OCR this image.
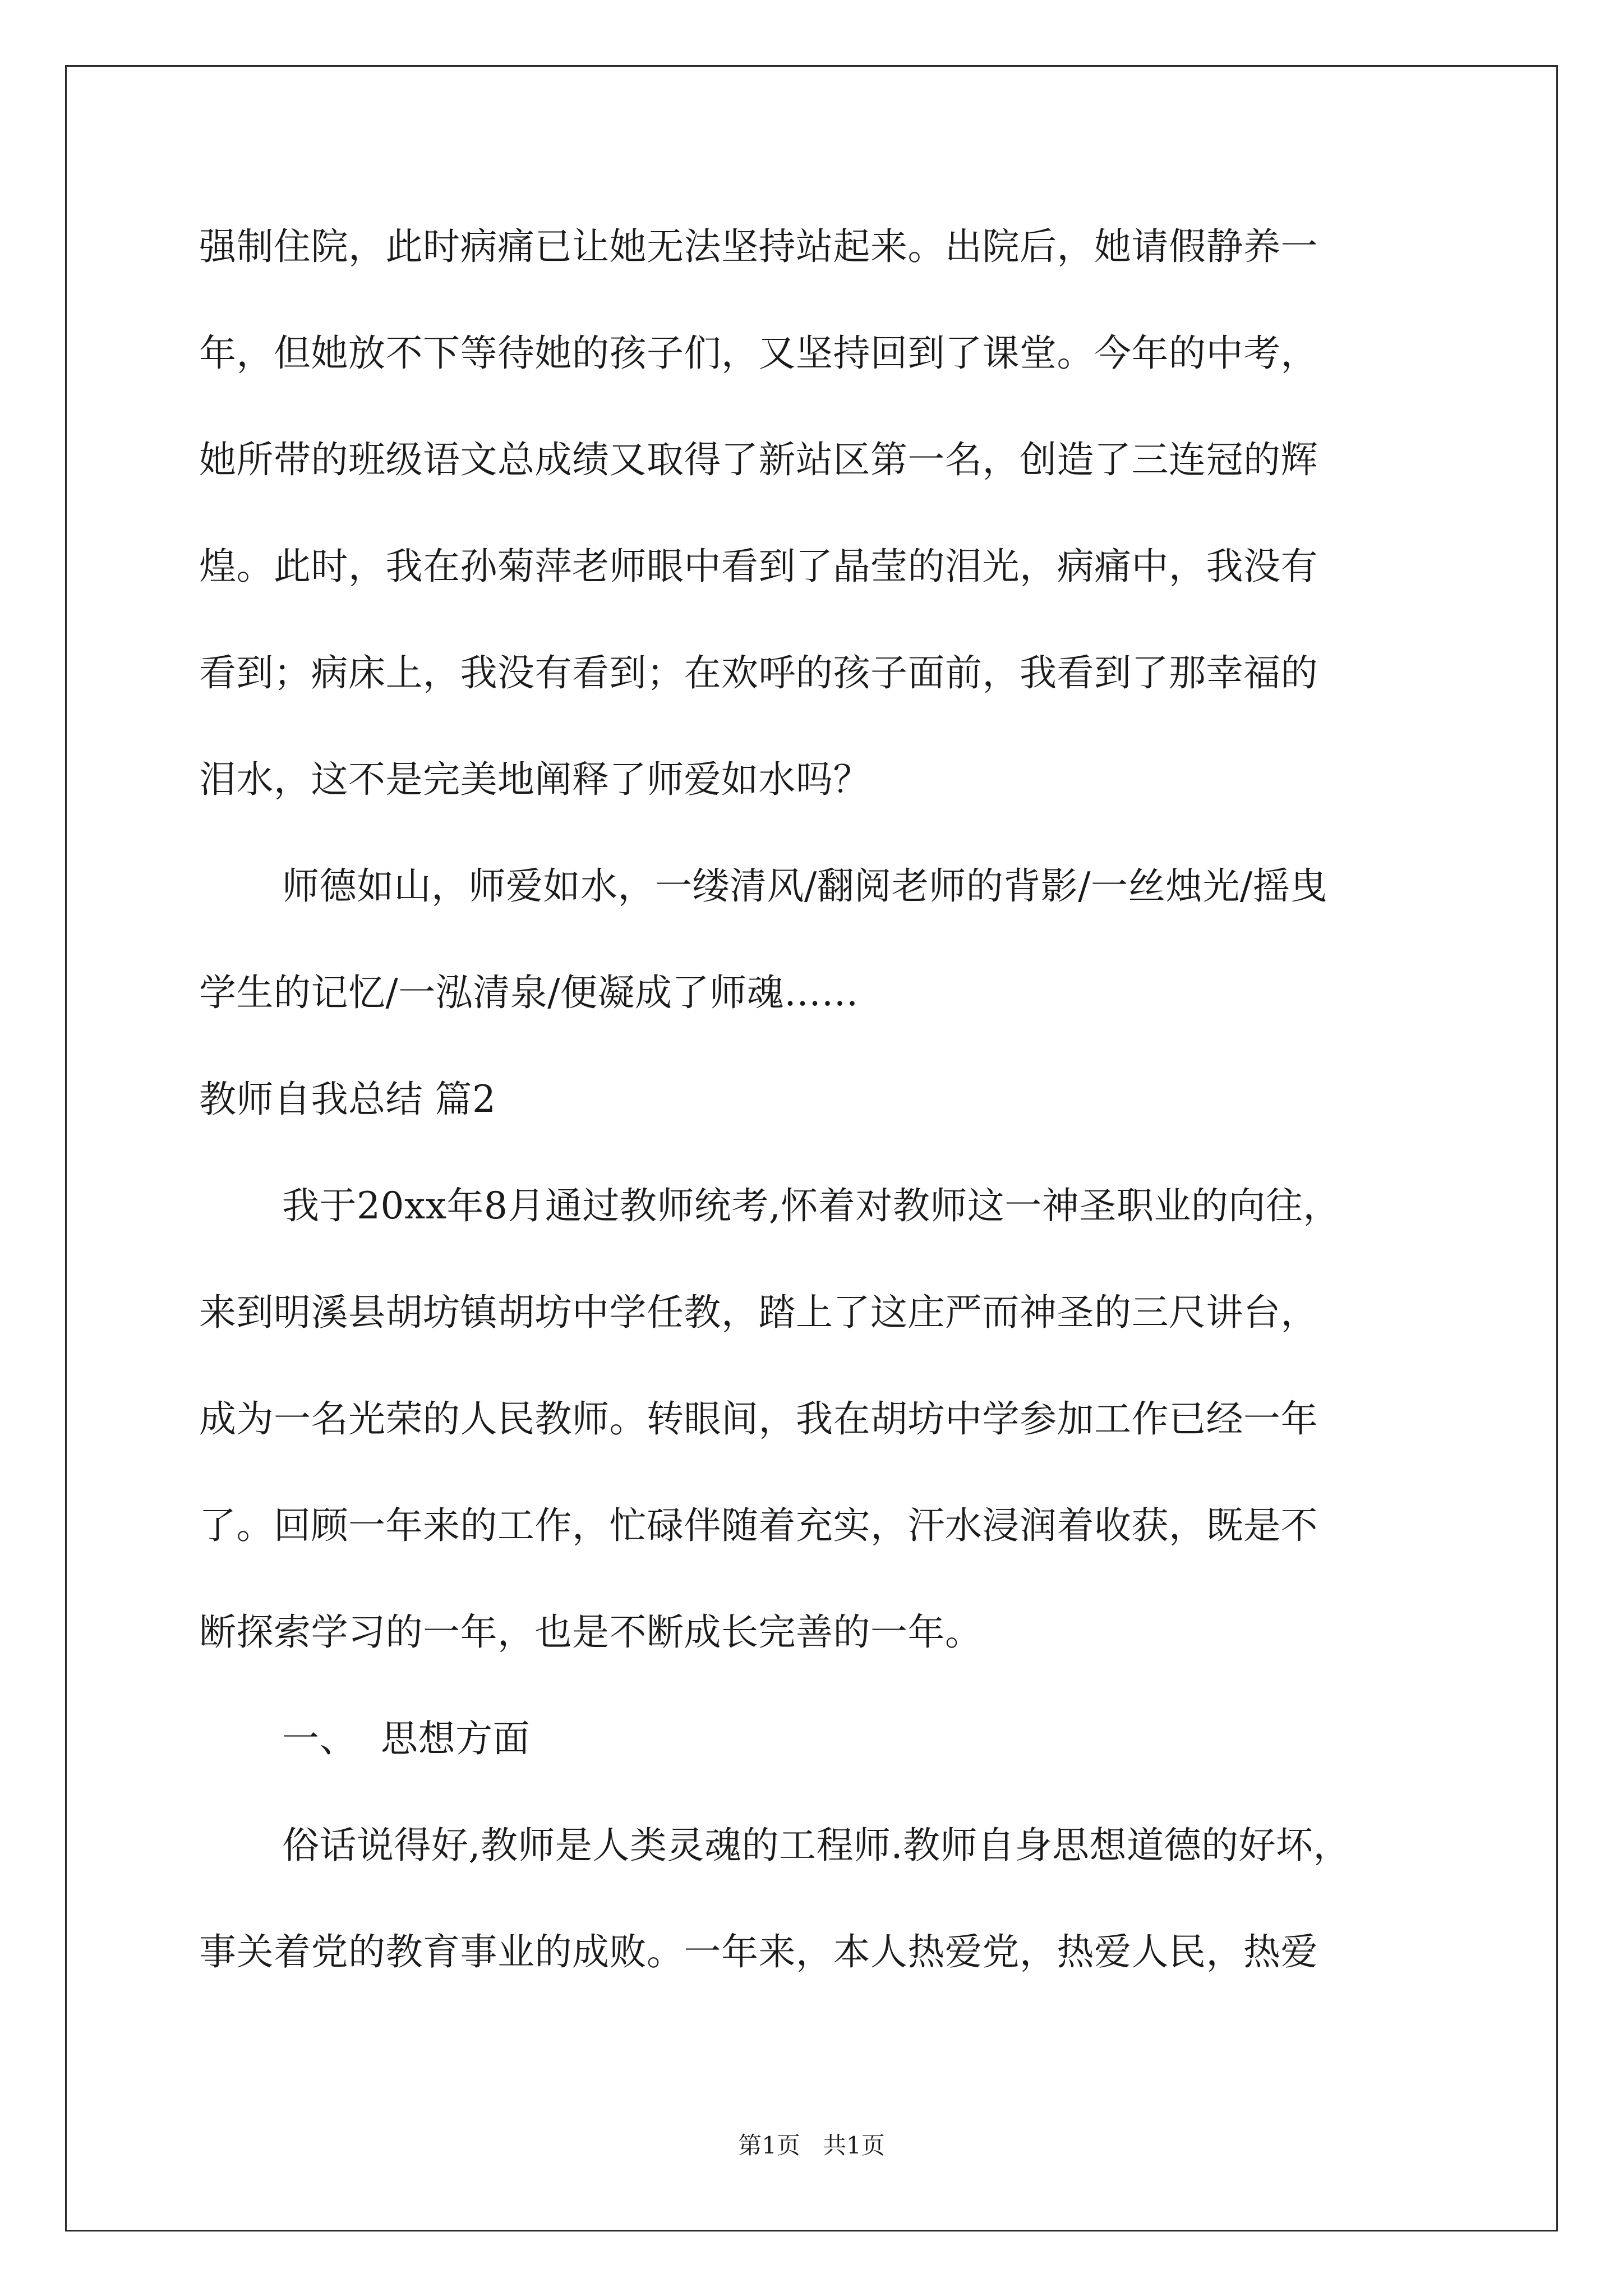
强制住院，此时病痛已让她无法坚持站起来。出院后，她请假静养一
年，但她放不下等待她的孩子们，又坚持回到了课堂。今年的中考，
她所带的班级语文总成绩又取得了新站区第一名，创造了三连冠的辉
煌。此时，我在孙菊萍老师眼中看到了晶莹的泪光，病痛中，我没有
看到；病床上，我没有看到；在欢呼的孩子面前，我看到了那幸福的
泪水，这不是完美地阐释了师爱如水吗？
师德如山，师爱如水，一缕清风/翻阅老师的背影/一丝烛光/摇曳
学生的记忆/一泓清泉/便凝成了师魂……
教师自我总结 篇2
我于20xx年8月通过教师统考,怀着对教师这一神圣职业的向往，
来到明溪县胡坊镇胡坊中学任教，踏上了这庄严而神圣的三尺讲台，
成为一名光荣的人民教师。转眼间，我在胡坊中学参加工作已经一年
了。回顾一年来的工作，忙碌伴随着充实，汗水浸润着收获，既是不
断探索学习的一年，也是不断成长完善的一年。
一、  思想方面
俗话说得好,教师是人类灵魂的工程师.教师自身思想道德的好坏，
事关着党的教育事业的成败。一年来，本人热爱党，热爱人民，热爱
第1页   共1页
